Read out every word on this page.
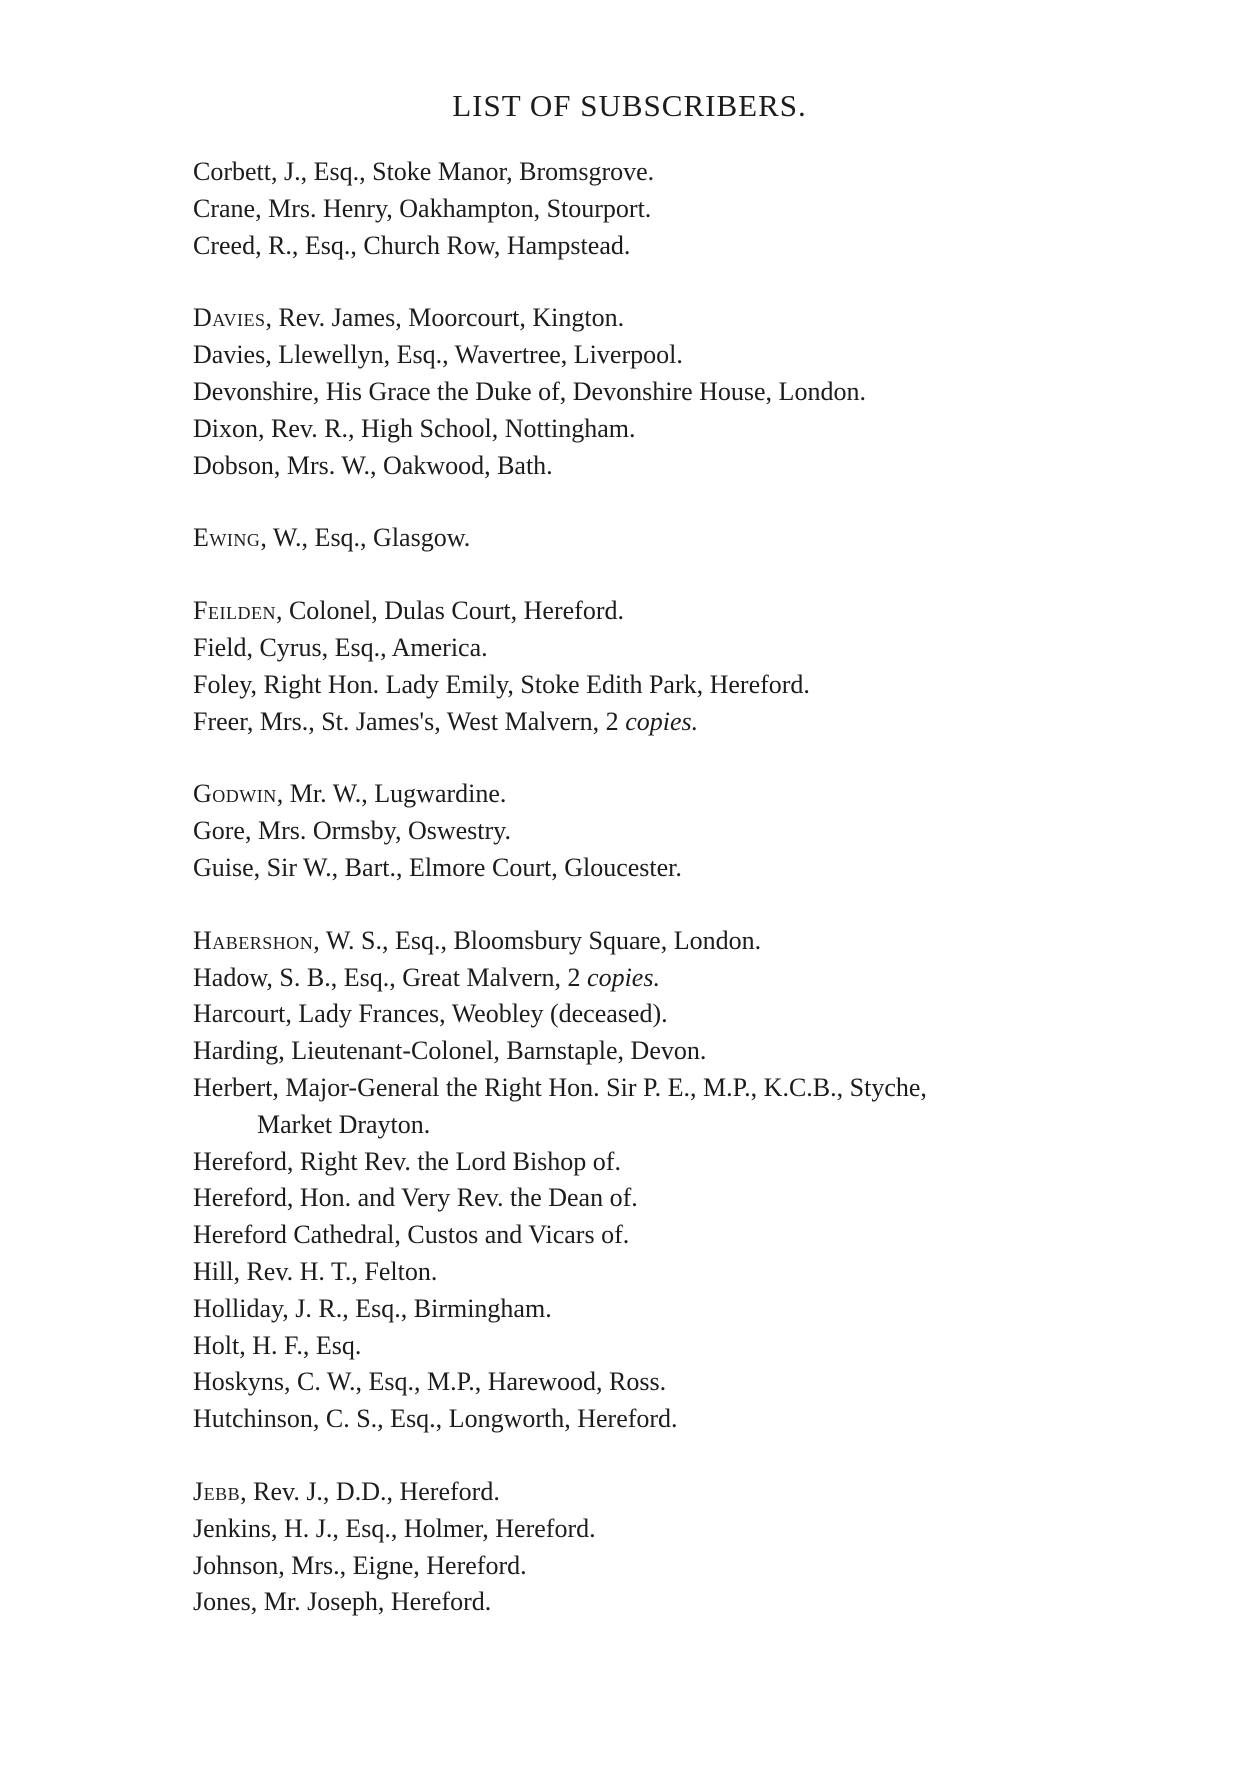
LIST OF SUBSCRIBERS.
Corbett, J., Esq., Stoke Manor, Bromsgrove.
Crane, Mrs. Henry, Oakhampton, Stourport.
Creed, R., Esq., Church Row, Hampstead.
Davies, Rev. James, Moorcourt, Kington.
Davies, Llewellyn, Esq., Wavertree, Liverpool.
Devonshire, His Grace the Duke of, Devonshire House, London.
Dixon, Rev. R., High School, Nottingham.
Dobson, Mrs. W., Oakwood, Bath.
Ewing, W., Esq., Glasgow.
Feilden, Colonel, Dulas Court, Hereford.
Field, Cyrus, Esq., America.
Foley, Right Hon. Lady Emily, Stoke Edith Park, Hereford.
Freer, Mrs., St. James's, West Malvern, 2 copies.
Godwin, Mr. W., Lugwardine.
Gore, Mrs. Ormsby, Oswestry.
Guise, Sir W., Bart., Elmore Court, Gloucester.
Habershon, W. S., Esq., Bloomsbury Square, London.
Hadow, S. B., Esq., Great Malvern, 2 copies.
Harcourt, Lady Frances, Weobley (deceased).
Harding, Lieutenant-Colonel, Barnstaple, Devon.
Herbert, Major-General the Right Hon. Sir P. E., M.P., K.C.B., Styche,
Market Drayton.
Hereford, Right Rev. the Lord Bishop of.
Hereford, Hon. and Very Rev. the Dean of.
Hereford Cathedral, Custos and Vicars of.
Hill, Rev. H. T., Felton.
Holliday, J. R., Esq., Birmingham.
Holt, H. F., Esq.
Hoskyns, C. W., Esq., M.P., Harewood, Ross.
Hutchinson, C. S., Esq., Longworth, Hereford.
Jebb, Rev. J., D.D., Hereford.
Jenkins, H. J., Esq., Holmer, Hereford.
Johnson, Mrs., Eigne, Hereford.
Jones, Mr. Joseph, Hereford.
